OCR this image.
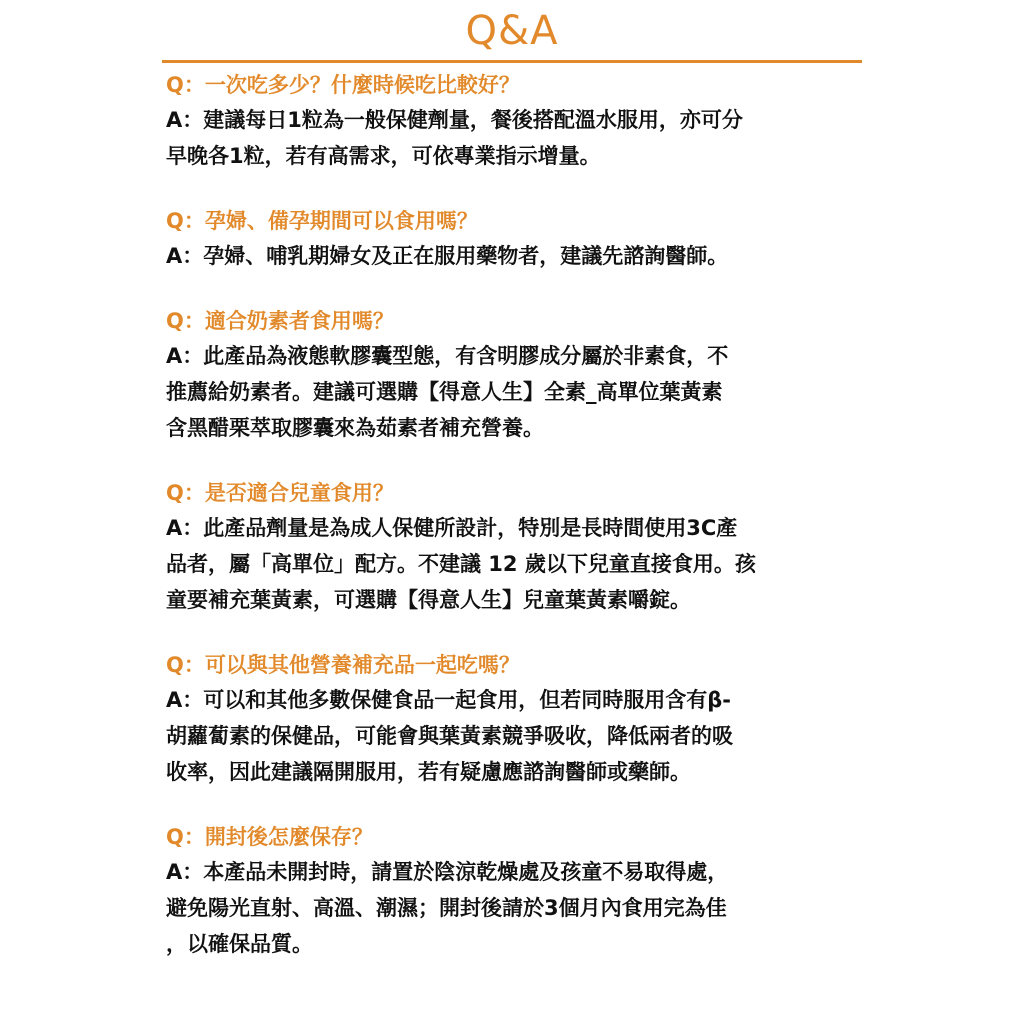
Q&A
Q：一次吃多少？什麼時候吃比較好？
A：建議每日1粒為一般保健劑量，餐後搭配溫水服用，亦可分
早晚各1粒，若有高需求，可依專業指示增量。
Q：孕婦、備孕期間可以食用嗎？
A：孕婦、哺乳期婦女及正在服用藥物者，建議先諮詢醫師。
Q：適合奶素者食用嗎？
A：此產品為液態軟膠囊型態，有含明膠成分屬於非素食，不
推薦給奶素者。建議可選購【得意人生】全素_高單位葉黃素
含黑醋栗萃取膠囊來為茹素者補充營養。
Q：是否適合兒童食用？
A：此產品劑量是為成人保健所設計，特別是長時間使用3C產
品者，屬「高單位」配方。不建議 12 歲以下兒童直接食用。孩
童要補充葉黃素，可選購【得意人生】兒童葉黃素嚼錠。
Q：可以與其他營養補充品一起吃嗎？
A：可以和其他多數保健食品一起食用，但若同時服用含有β-
胡蘿蔔素的保健品，可能會與葉黃素競爭吸收，降低兩者的吸
收率，因此建議隔開服用，若有疑慮應諮詢醫師或藥師。
Q：開封後怎麼保存？
A：本產品未開封時，請置於陰涼乾燥處及孩童不易取得處，
避免陽光直射、高溫、潮濕；開封後請於3個月內食用完為佳
，以確保品質。
